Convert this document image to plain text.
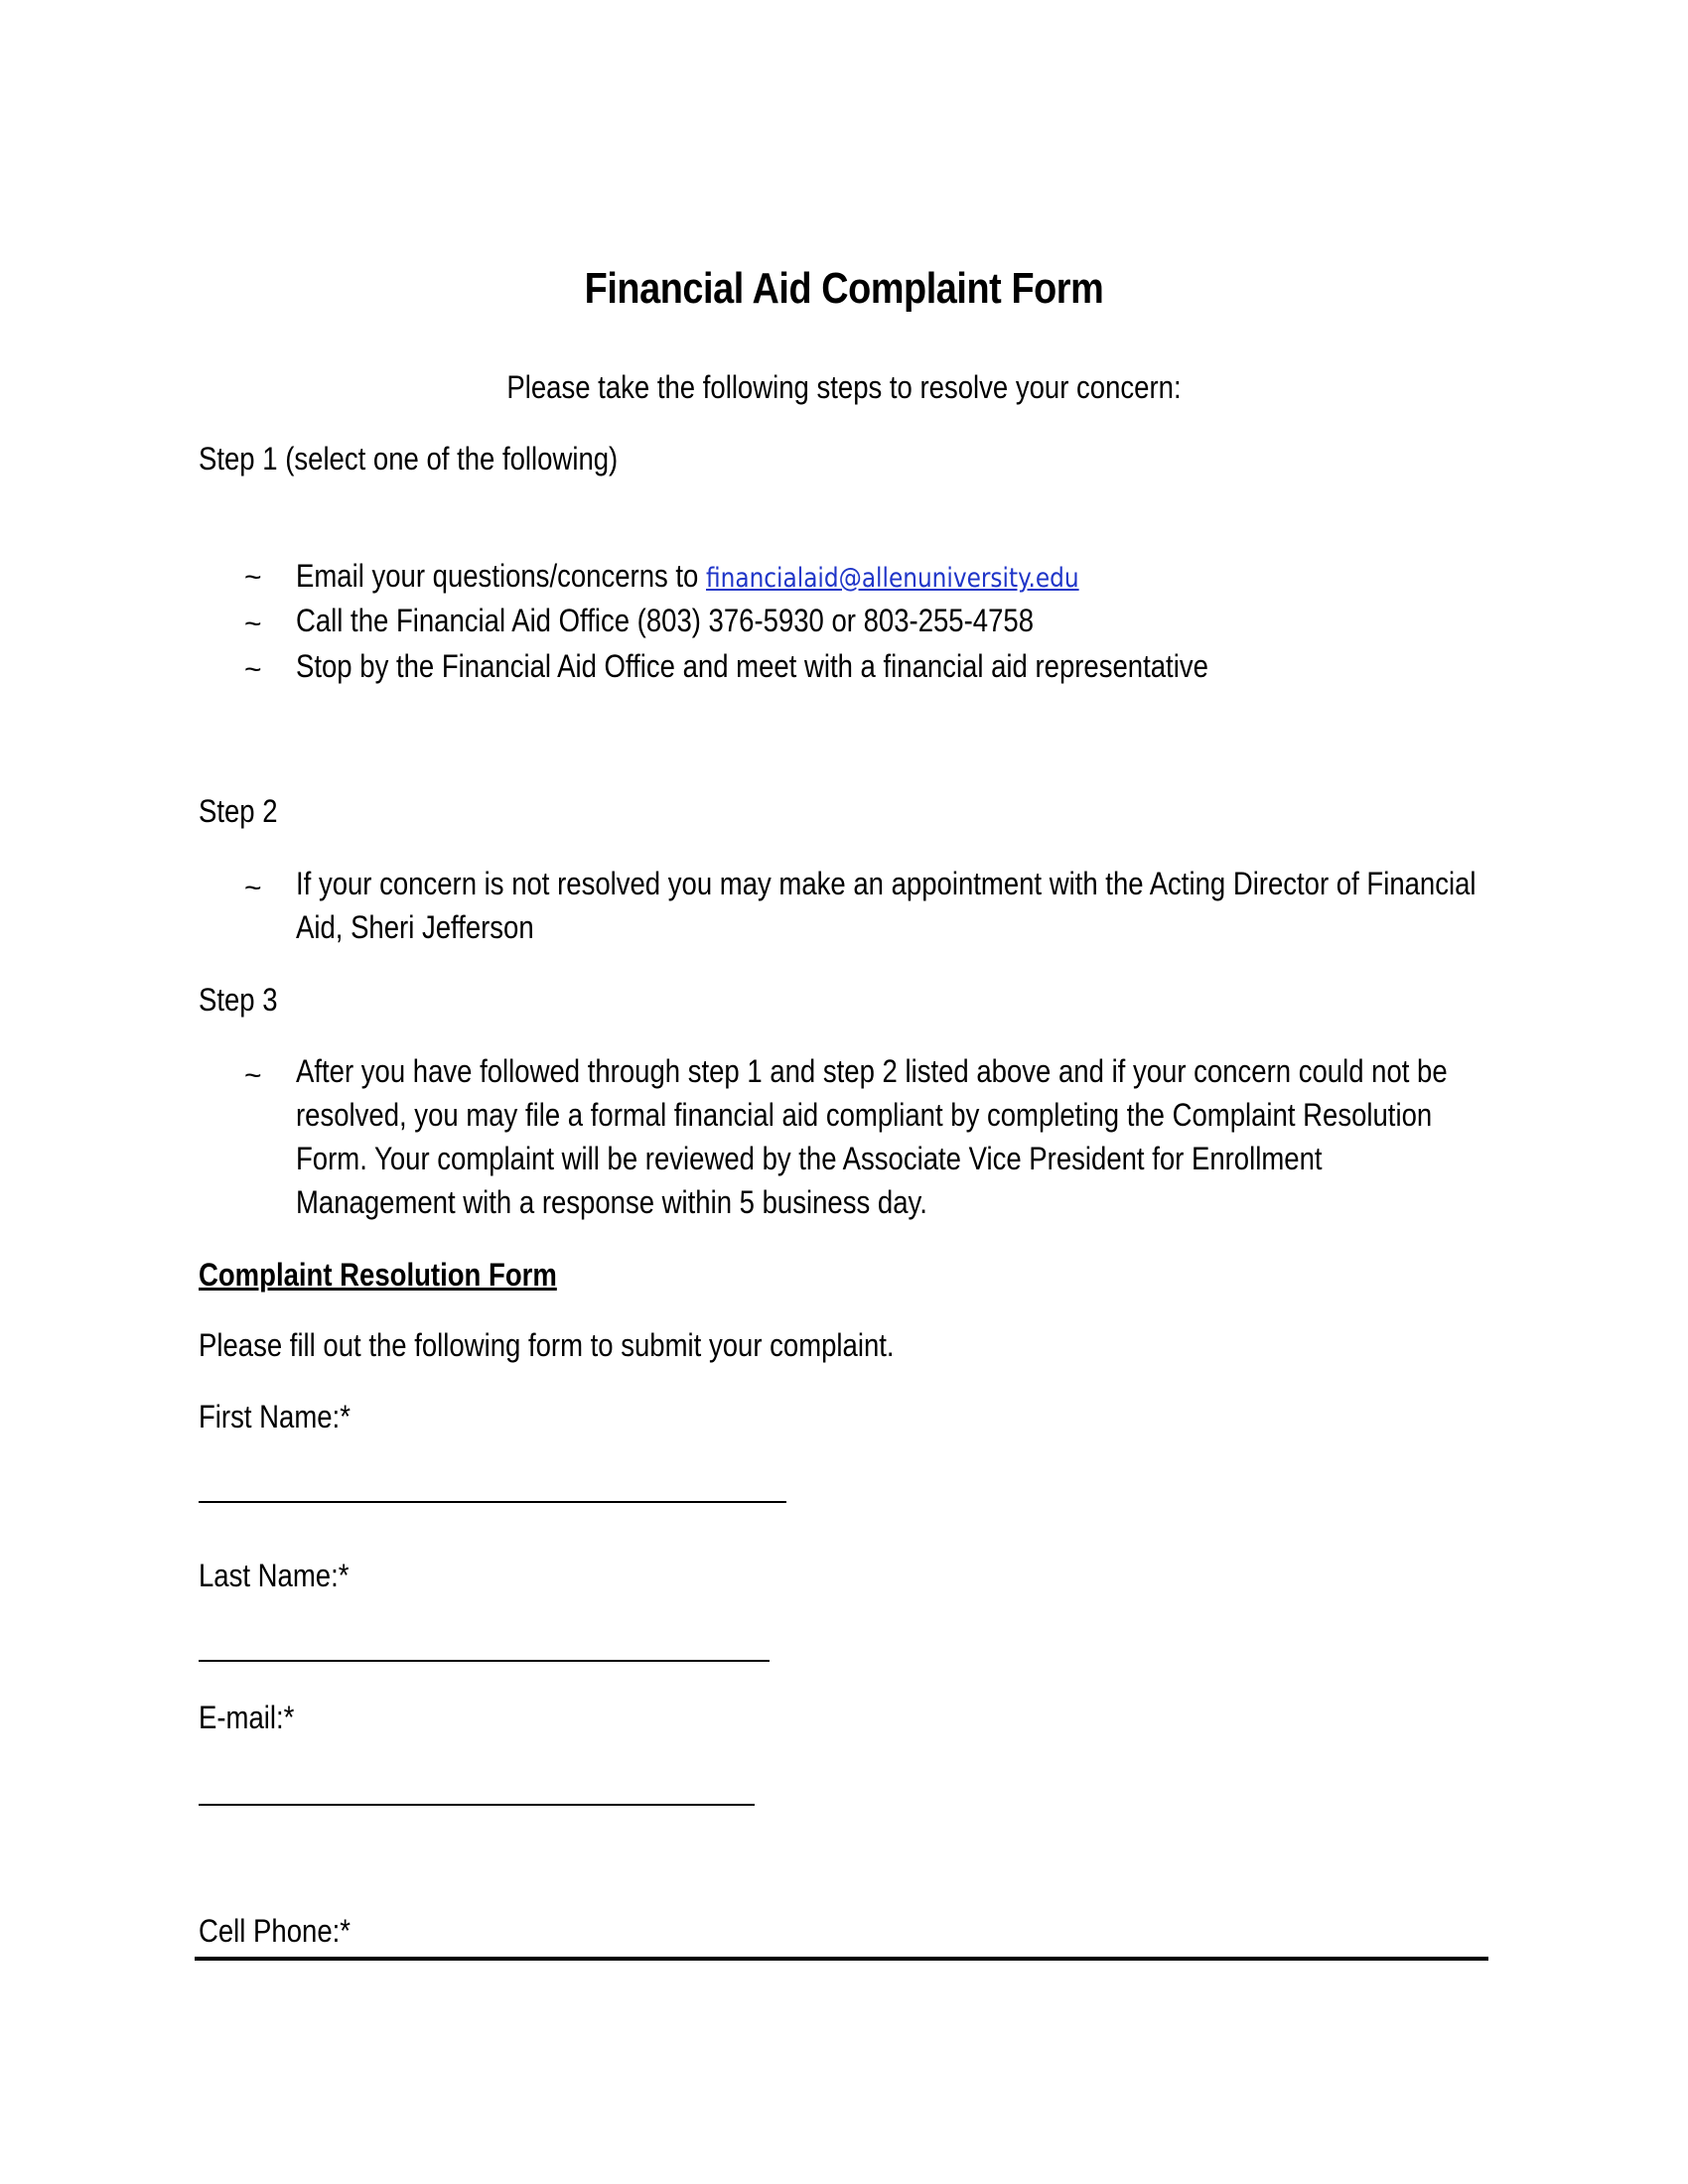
Financial Aid Complaint Form
Please take the following steps to resolve your concern:
Step 1 (select one of the following)
~ Email your questions/concerns to financialaid@allenuniversity.edu
~ Call the Financial Aid Office (803) 376-5930 or 803-255-4758
~ Stop by the Financial Aid Office and meet with a financial aid representative
Step 2
~ If your concern is not resolved you may make an appointment with the Acting Director of Financial
Aid, Sheri Jefferson
Step 3
~ After you have followed through step 1 and step 2 listed above and if your concern could not be
resolved, you may file a formal financial aid compliant by completing the Complaint Resolution
Form. Your complaint will be reviewed by the Associate Vice President for Enrollment
Management with a response within 5 business day.
Complaint Resolution Form
Please fill out the following form to submit your complaint.
First Name:*
Last Name:*
E-mail:*
Cell Phone:*
